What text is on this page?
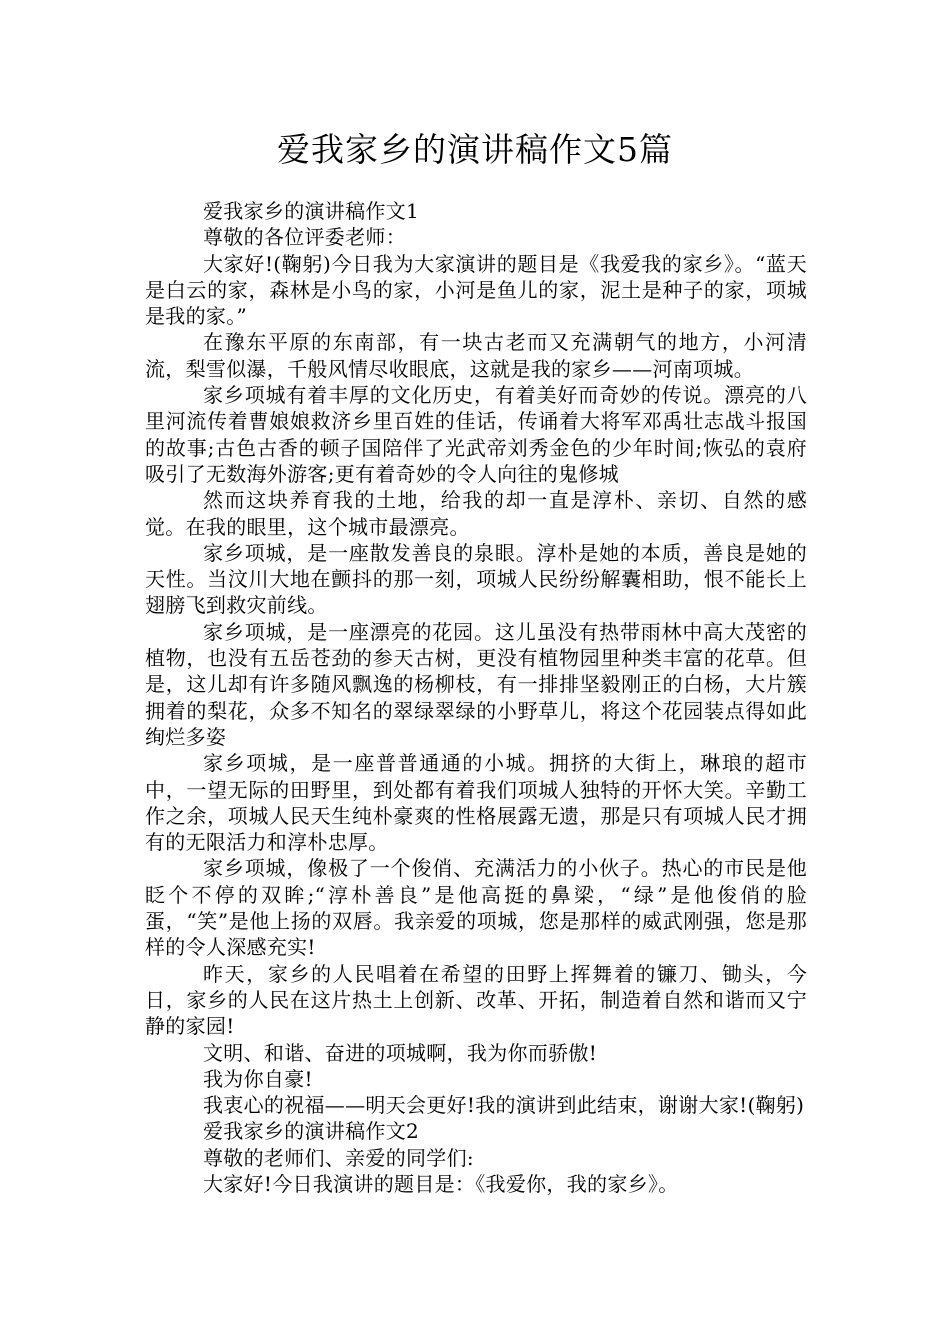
爱我家乡的演讲稿作文5篇

爱我家乡的演讲稿作文1

尊敬的各位评委老师：

大家好!(鞠躬)今日我为大家演讲的题目是《我爱我的家乡》。“蓝天是白云的家，森林是小鸟的家，小河是鱼儿的家，泥土是种子的家，项城是我的家。”

在豫东平原的东南部，有一块古老而又充满朝气的地方，小河清流，梨雪似瀑，千般风情尽收眼底，这就是我的家乡——河南项城。

家乡项城有着丰厚的文化历史，有着美好而奇妙的传说。漂亮的八里河流传着曹娘娘救济乡里百姓的佳话，传诵着大将军邓禹壮志战斗报国的故事;古色古香的顿子国陪伴了光武帝刘秀金色的少年时间;恢弘的袁府吸引了无数海外游客;更有着奇妙的令人向往的鬼修城

然而这块养育我的土地，给我的却一直是淳朴、亲切、自然的感觉。在我的眼里，这个城市最漂亮。

家乡项城，是一座散发善良的泉眼。淳朴是她的本质，善良是她的天性。当汶川大地在颤抖的那一刻，项城人民纷纷解囊相助，恨不能长上翅膀飞到救灾前线。

家乡项城，是一座漂亮的花园。这儿虽没有热带雨林中高大茂密的植物，也没有五岳苍劲的参天古树，更没有植物园里种类丰富的花草。但是，这儿却有许多随风飘逸的杨柳枝，有一排排坚毅刚正的白杨，大片簇拥着的梨花，众多不知名的翠绿翠绿的小野草儿，将这个花园装点得如此绚烂多姿

家乡项城，是一座普普通通的小城。拥挤的大街上，琳琅的超市中，一望无际的田野里，到处都有着我们项城人独特的开怀大笑。辛勤工作之余，项城人民天生纯朴豪爽的性格展露无遗，那是只有项城人民才拥有的无限活力和淳朴忠厚。

家乡项城，像极了一个俊俏、充满活力的小伙子。热心的市民是他眨个不停的双眸;“淳朴善良”是他高挺的鼻梁，“绿”是他俊俏的脸蛋，“笑”是他上扬的双唇。我亲爱的项城，您是那样的威武刚强，您是那样的令人深感充实!

昨天，家乡的人民唱着在希望的田野上挥舞着的镰刀、锄头，今日，家乡的人民在这片热土上创新、改革、开拓，制造着自然和谐而又宁静的家园!

文明、和谐、奋进的项城啊，我为你而骄傲!

我为你自豪!

我衷心的祝福——明天会更好!我的演讲到此结束，谢谢大家!(鞠躬)

爱我家乡的演讲稿作文2

尊敬的老师们、亲爱的同学们:

大家好!今日我演讲的题目是：《我爱你，我的家乡》。
